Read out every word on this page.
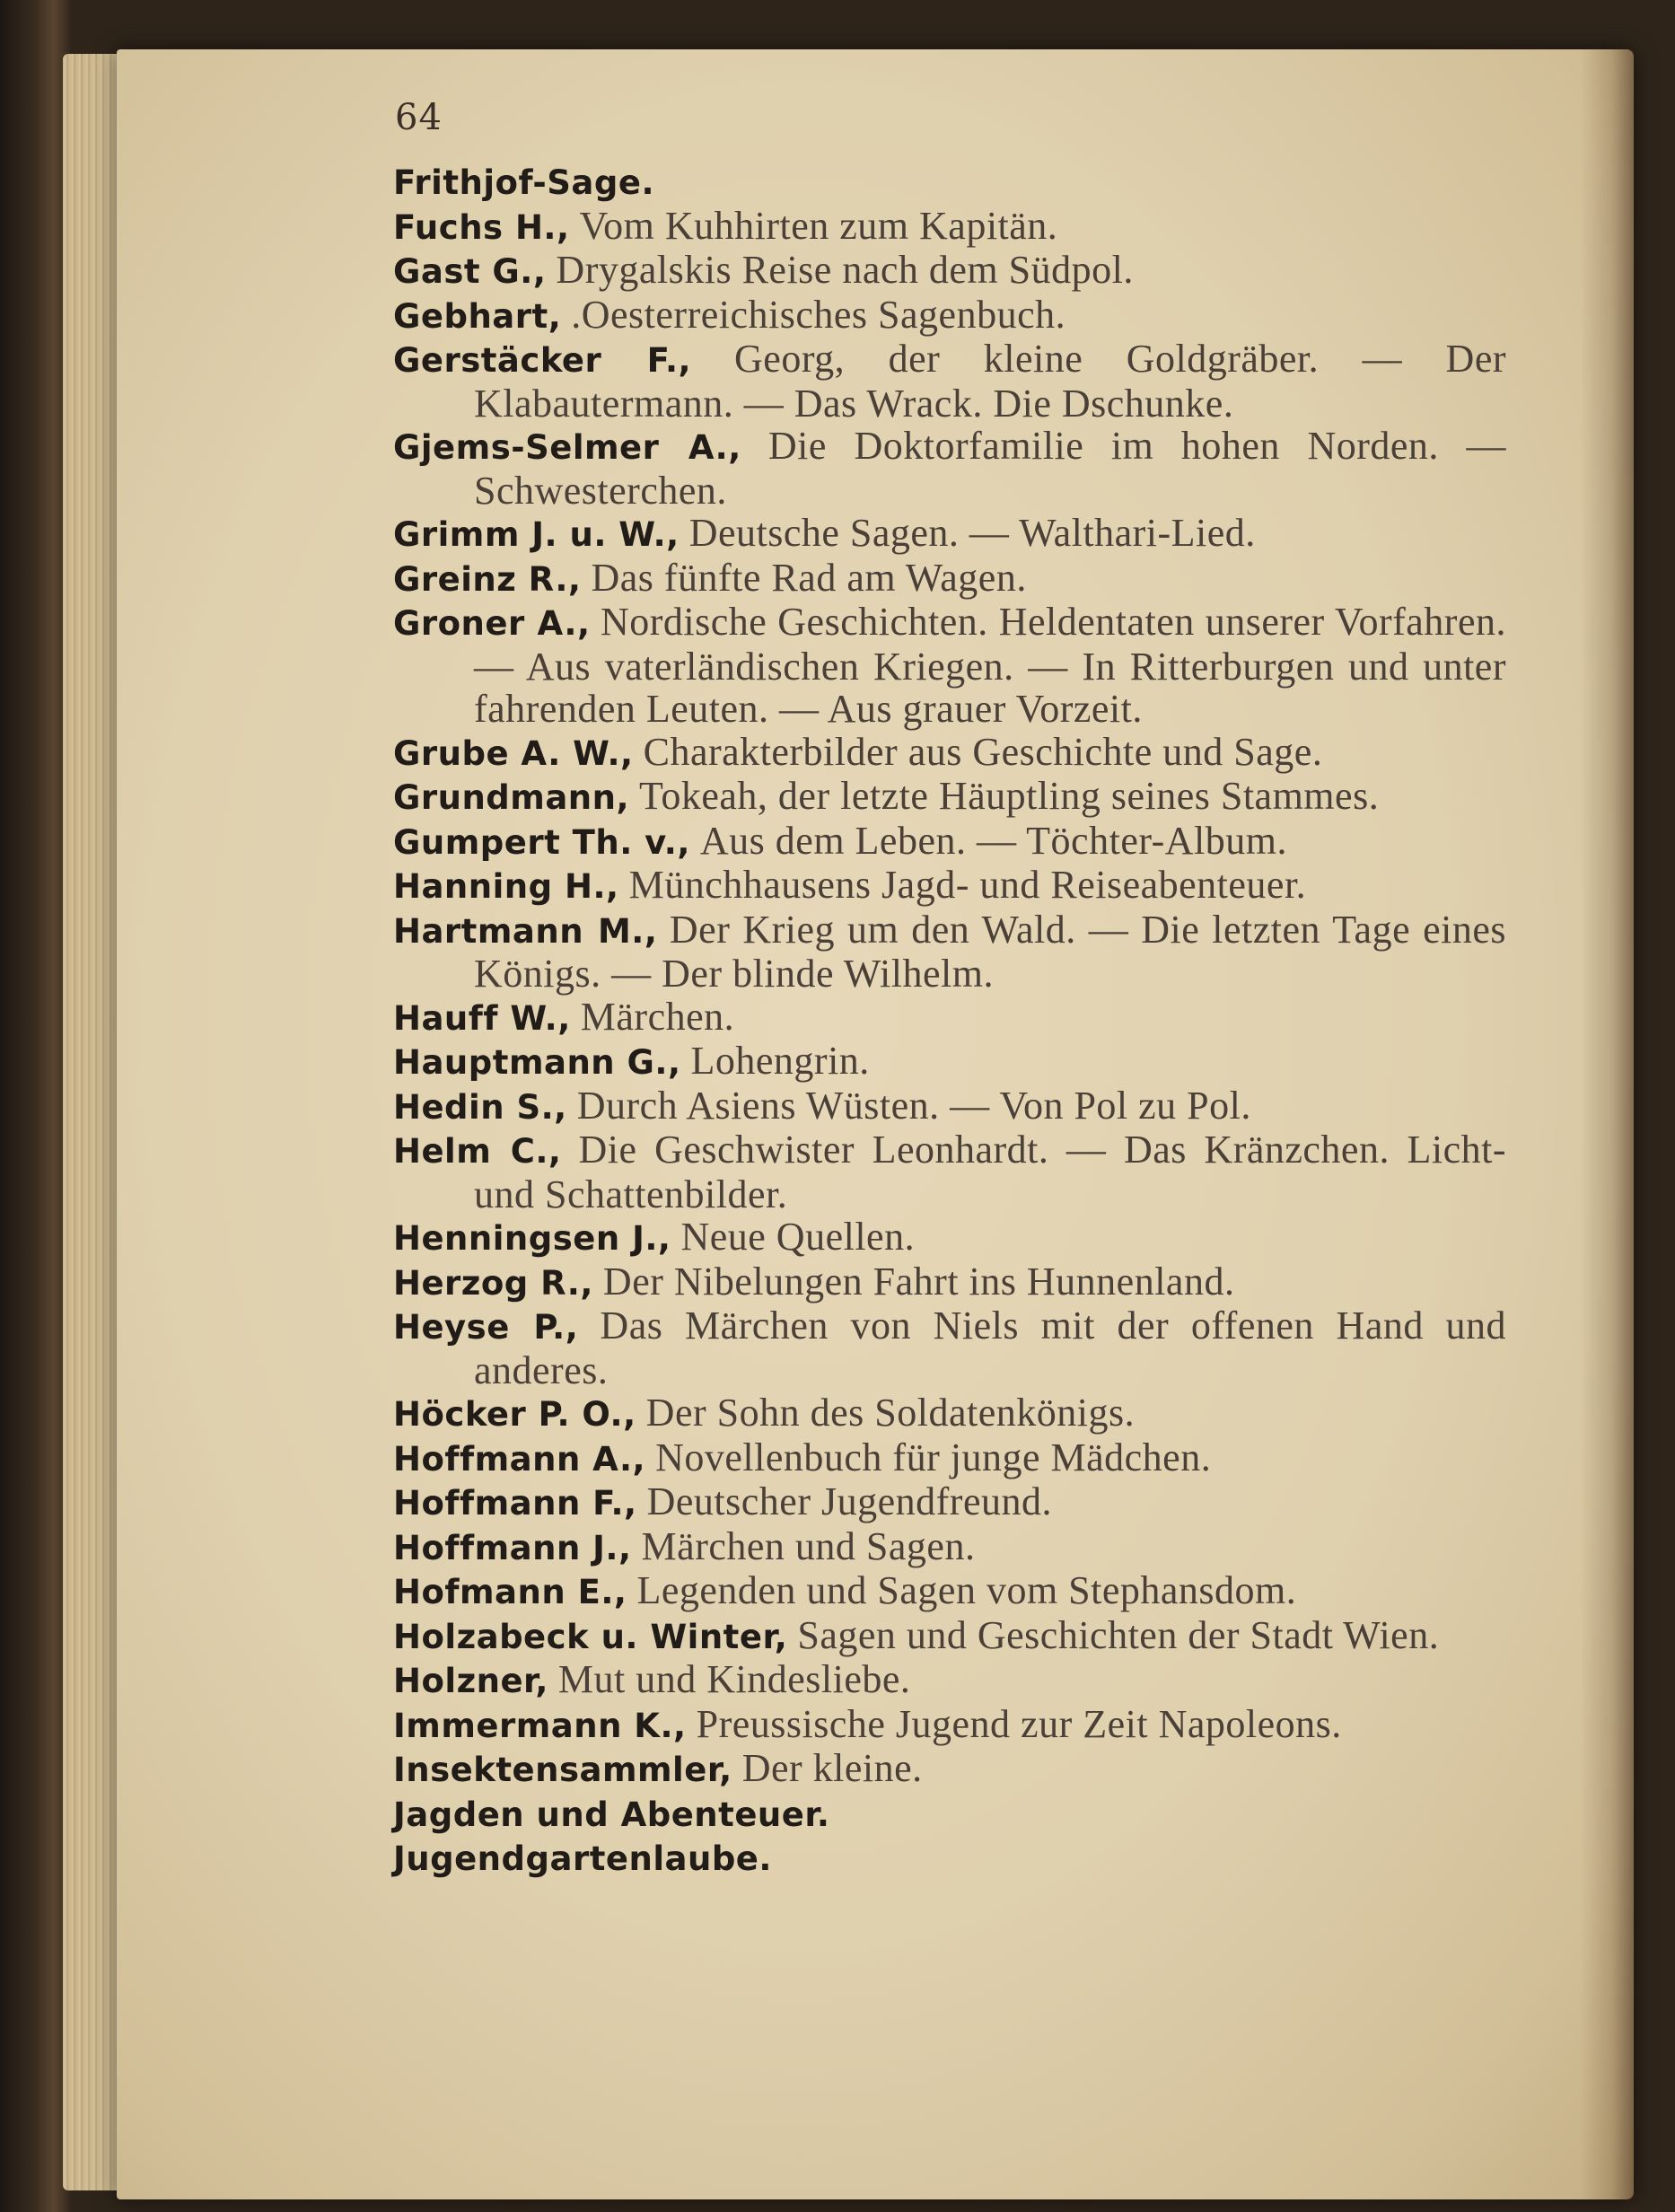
64

Frithjof-Sage.

Fuchs H., Vom Kuhhirten zum Kapitän.

Gast G., Drygalskis Reise nach dem Südpol.

Gebhart, .Oesterreichisches Sagenbuch.

Gerstäcker F., Georg, der kleine Goldgräber. — Der Klabautermann. — Das Wrack. Die Dschunke.

Gjems-Selmer A., Die Doktorfamilie im hohen Norden. — Schwesterchen.

Grimm J. u. W., Deutsche Sagen. — Walthari-Lied.

Greinz R., Das fünfte Rad am Wagen.

Groner A., Nordische Geschichten. Heldentaten unserer Vorfahren. — Aus vaterländischen Kriegen. — In Ritterburgen und unter fahrenden Leuten. — Aus grauer Vorzeit.

Grube A. W., Charakterbilder aus Geschichte und Sage.

Grundmann, Tokeah, der letzte Häuptling seines Stammes.

Gumpert Th. v., Aus dem Leben. — Töchter-Album.

Hanning H., Münchhausens Jagd- und Reiseabenteuer.

Hartmann M., Der Krieg um den Wald. — Die letzten Tage eines Königs. — Der blinde Wilhelm.

Hauff W., Märchen.

Hauptmann G., Lohengrin.

Hedin S., Durch Asiens Wüsten. — Von Pol zu Pol.

Helm C., Die Geschwister Leonhardt. — Das Kränzchen. Licht- und Schattenbilder.

Henningsen J., Neue Quellen.

Herzog R., Der Nibelungen Fahrt ins Hunnenland.

Heyse P., Das Märchen von Niels mit der offenen Hand und anderes.

Höcker P. O., Der Sohn des Soldatenkönigs.

Hoffmann A., Novellenbuch für junge Mädchen.

Hoffmann F., Deutscher Jugendfreund.

Hoffmann J., Märchen und Sagen.

Hofmann E., Legenden und Sagen vom Stephansdom.

Holzabeck u. Winter, Sagen und Geschichten der Stadt Wien.

Holzner, Mut und Kindesliebe.

Immermann K., Preussische Jugend zur Zeit Napoleons.

Insektensammler, Der kleine.

Jagden und Abenteuer.

Jugendgartenlaube.
